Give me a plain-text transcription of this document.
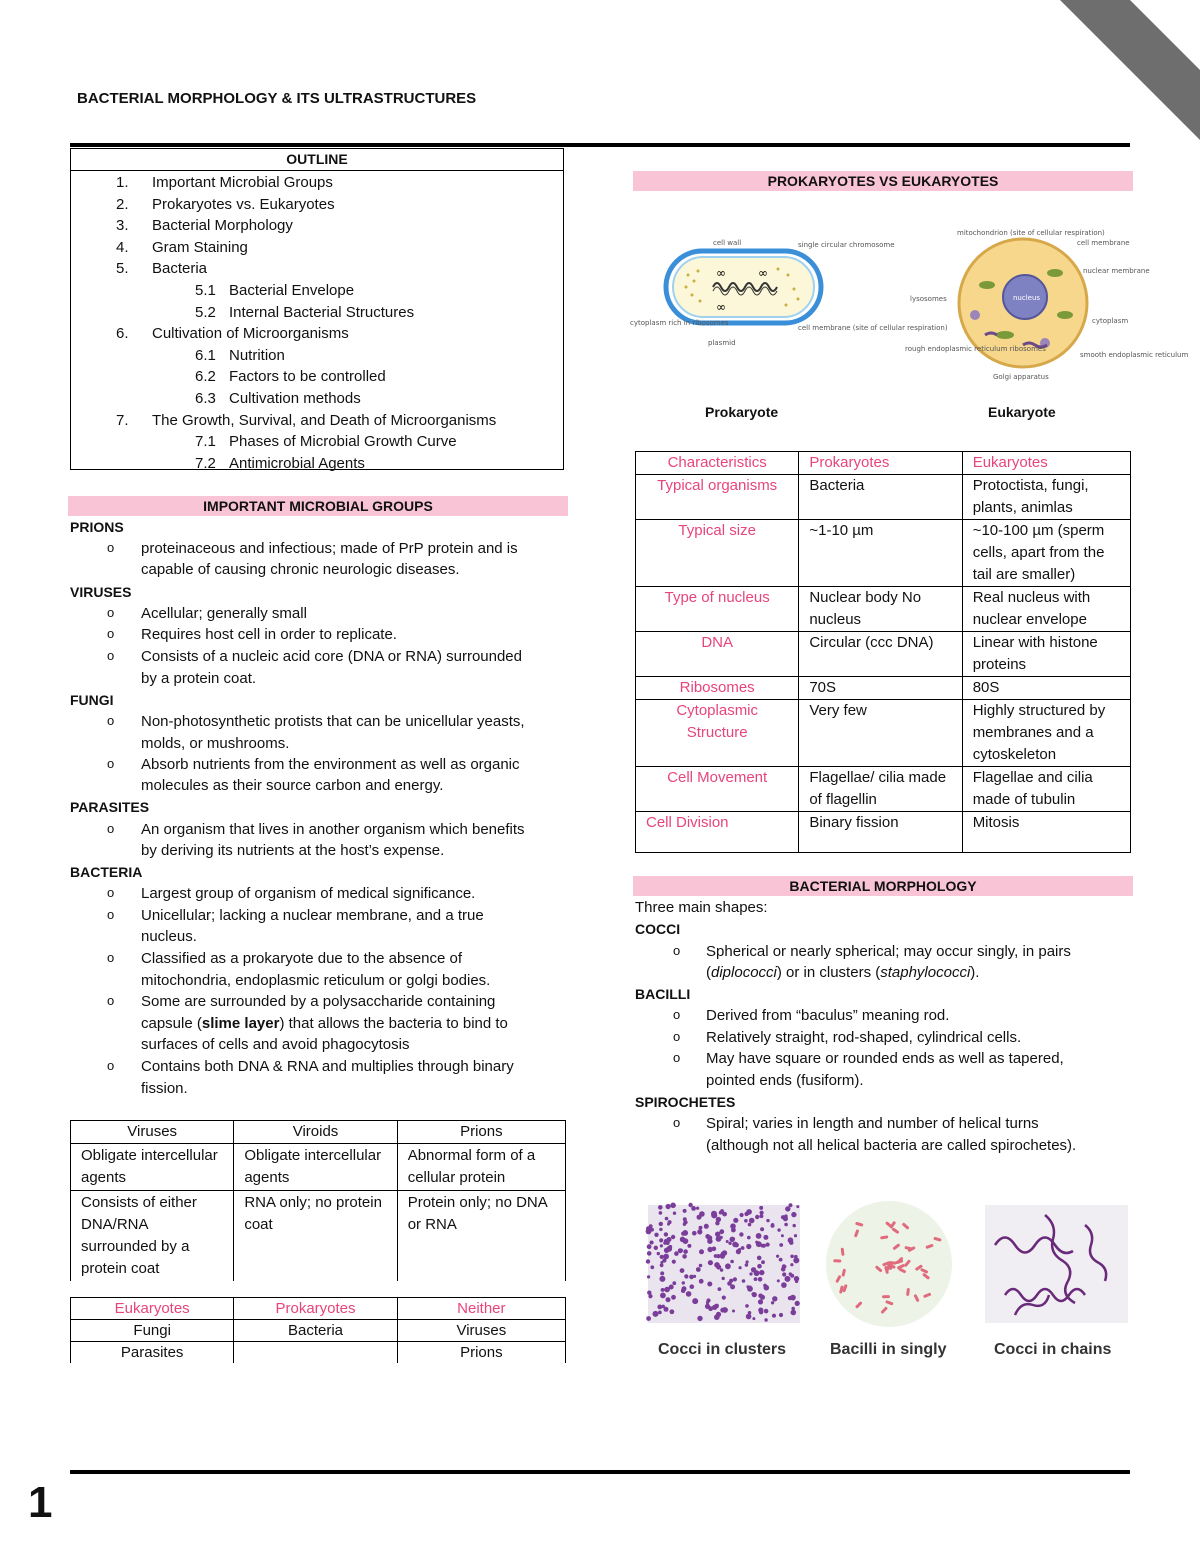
BACTERIAL MORPHOLOGY & ITS ULTRASTRUCTURES
OUTLINE
1. Important Microbial Groups
2. Prokaryotes vs. Eukaryotes
3. Bacterial Morphology
4. Gram Staining
5. Bacteria
5.1 Bacterial Envelope
5.2 Internal Bacterial Structures
6. Cultivation of Microorganisms
6.1 Nutrition
6.2 Factors to be controlled
6.3 Cultivation methods
7. The Growth, Survival, and Death of Microorganisms
7.1 Phases of Microbial Growth Curve
7.2 Antimicrobial Agents
IMPORTANT MICROBIAL GROUPS
PRIONS
o proteinaceous and infectious; made of PrP protein and is
capable of causing chronic neurologic diseases.
VIRUSES
o Acellular; generally small
o Requires host cell in order to replicate.
o Consists of a nucleic acid core (DNA or RNA) surrounded
by a protein coat.
FUNGI
o Non-photosynthetic protists that can be unicellular yeasts,
molds, or mushrooms.
o Absorb nutrients from the environment as well as organic
molecules as their source carbon and energy.
PARASITES
o An organism that lives in another organism which benefits
by deriving its nutrients at the host’s expense.
BACTERIA
o Largest group of organism of medical significance.
o Unicellular; lacking a nuclear membrane, and a true
nucleus.
o Classified as a prokaryote due to the absence of
mitochondria, endoplasmic reticulum or golgi bodies.
o Some are surrounded by a polysaccharide containing
capsule (slime layer) that allows the bacteria to bind to
surfaces of cells and avoid phagocytosis
o Contains both DNA & RNA and multiplies through binary
fission.
Viruses	Viroids	Prions
Obligate intercellular agents	Obligate intercellular agents	Abnormal form of a cellular protein
Consists of either DNA/RNA surrounded by a protein coat	RNA only; no protein coat	Protein only; no DNA or RNA
Eukaryotes	Prokaryotes	Neither
Fungi	Bacteria	Viruses
Parasites		Prions
PROKARYOTES VS EUKARYOTES
∞	∞
∞
cell wall	single circular chromosome
cytoplasm rich in ribosomes
plasmid
cell membrane (site of cellular respiration)
Prokaryote
mitochondrion (site of cellular respiration)
cell membrane
nuclear membrane
nucleus
lysosomes
cytoplasm
rough endoplasmic reticulum ribosomes
Golgi apparatus
smooth endoplasmic reticulum
Eukaryote
Characteristics	Prokaryotes	Eukaryotes
Typical organisms	Bacteria	Protoctista, fungi, plants, animlas
Typical size	~1-10 µm	~10-100 µm (sperm cells, apart from the tail are smaller)
Type of nucleus	Nuclear body No nucleus	Real nucleus with nuclear envelope
DNA	Circular (ccc DNA)	Linear with histone proteins
Ribosomes	70S	80S
Cytoplasmic Structure	Very few	Highly structured by membranes and a cytoskeleton
Cell Movement	Flagellae/ cilia made of flagellin	Flagellae and cilia made of tubulin
Cell Division	Binary fission	Mitosis
BACTERIAL MORPHOLOGY
Three main shapes:
COCCI
o Spherical or nearly spherical; may occur singly, in pairs
(diplococci) or in clusters (staphylococci).
BACILLI
o Derived from “baculus” meaning rod.
o Relatively straight, rod-shaped, cylindrical cells.
o May have square or rounded ends as well as tapered,
pointed ends (fusiform).
SPIROCHETES
o Spiral; varies in length and number of helical turns
(although not all helical bacteria are called spirochetes).
Cocci in clusters	Bacilli in singly	Cocci in chains
1
